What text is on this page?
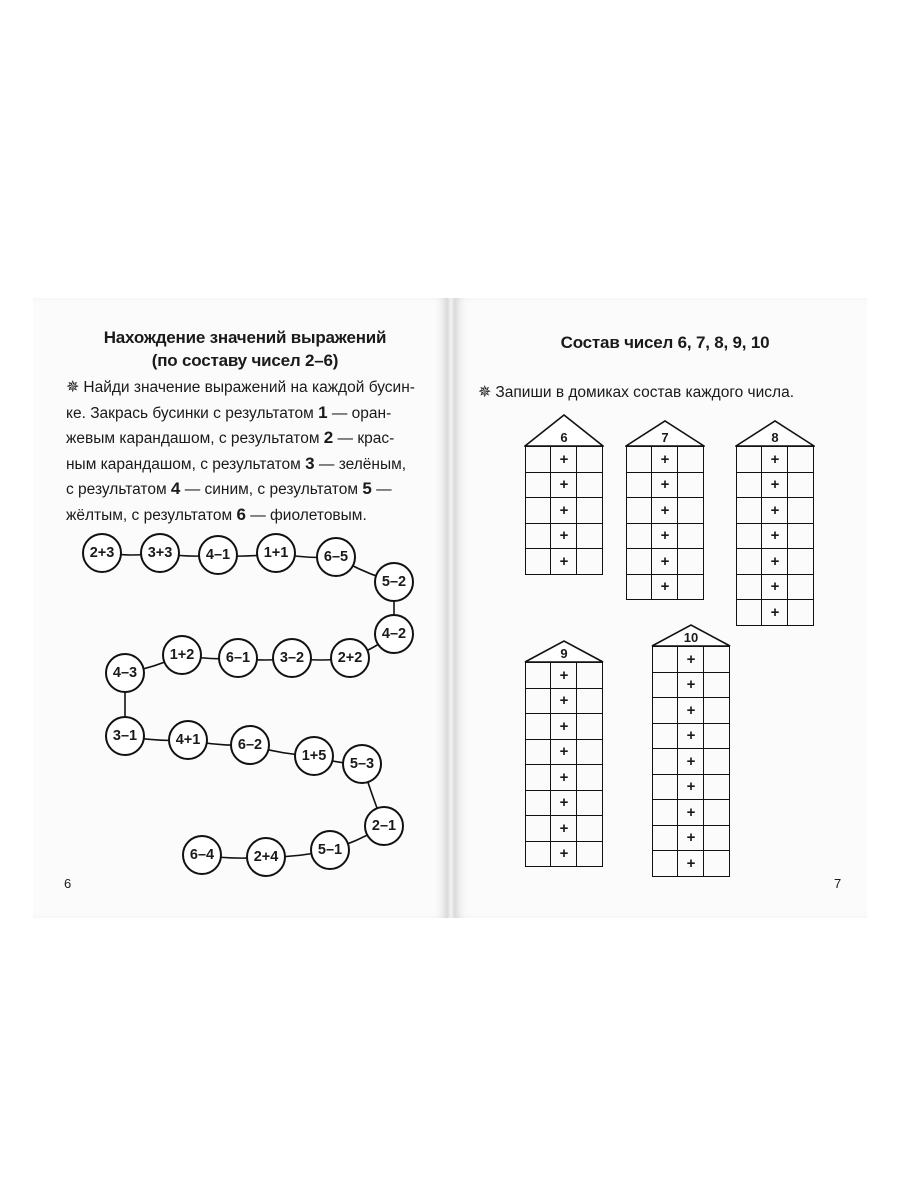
Нахождение значений выражений
(по составу чисел 2–6)
✵ Найди значение выражений на каждой бусин-
ке. Закрась бусинки с результатом 1 — оран-
жевым карандашом, с результатом 2 — крас-
ным карандашом, с результатом 3 — зелёным,
с результатом 4 — синим, с результатом 5 —
жёлтым, с результатом 6 — фиолетовым.
2+3	3+3	4–1	1+1	6–5
5–2
4–2
2+2
3–2
6–1
1+2
4–3
3–1	4+1	6–2
1+5	5–3
2–1
5–1
2+4
6–4
6
Состав чисел 6, 7, 8, 9, 10
✵ Запиши в домиках состав каждого числа.
6
	+	
	+	
	+	
	+	
	+	
7
	+	
	+	
	+	
	+	
	+	
	+	
8
	+	
	+	
	+	
	+	
	+	
	+	
	+	
9
	+	
	+	
	+	
	+	
	+	
	+	
	+	
	+	
10
	+	
	+	
	+	
	+	
	+	
	+	
	+	
	+	
	+	
7
